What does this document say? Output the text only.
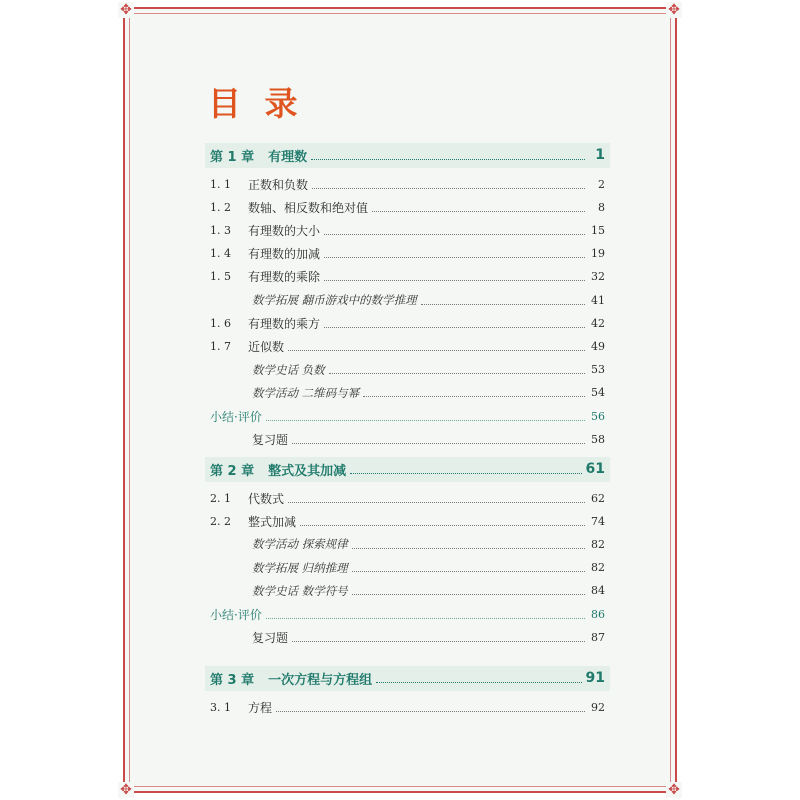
✥	✥
✥	✥
目 录
第 1 章 有理数	1
1. 1	正数和负数	2
1. 2	数轴、相反数和绝对值	8
1. 3	有理数的大小	15
1. 4	有理数的加减	19
1. 5	有理数的乘除	32
数学拓展 翻币游戏中的数学推理	41
1. 6	有理数的乘方	42
1. 7	近似数	49
数学史话 负数	53
数学活动 二维码与幂	54
小结·评价	56
复习题	58
第 2 章 整式及其加减	61
2. 1	代数式	62
2. 2	整式加减	74
数学活动 探索规律	82
数学拓展 归纳推理	82
数学史话 数学符号	84
小结·评价	86
复习题	87
第 3 章 一次方程与方程组	91
3. 1	方程	92
